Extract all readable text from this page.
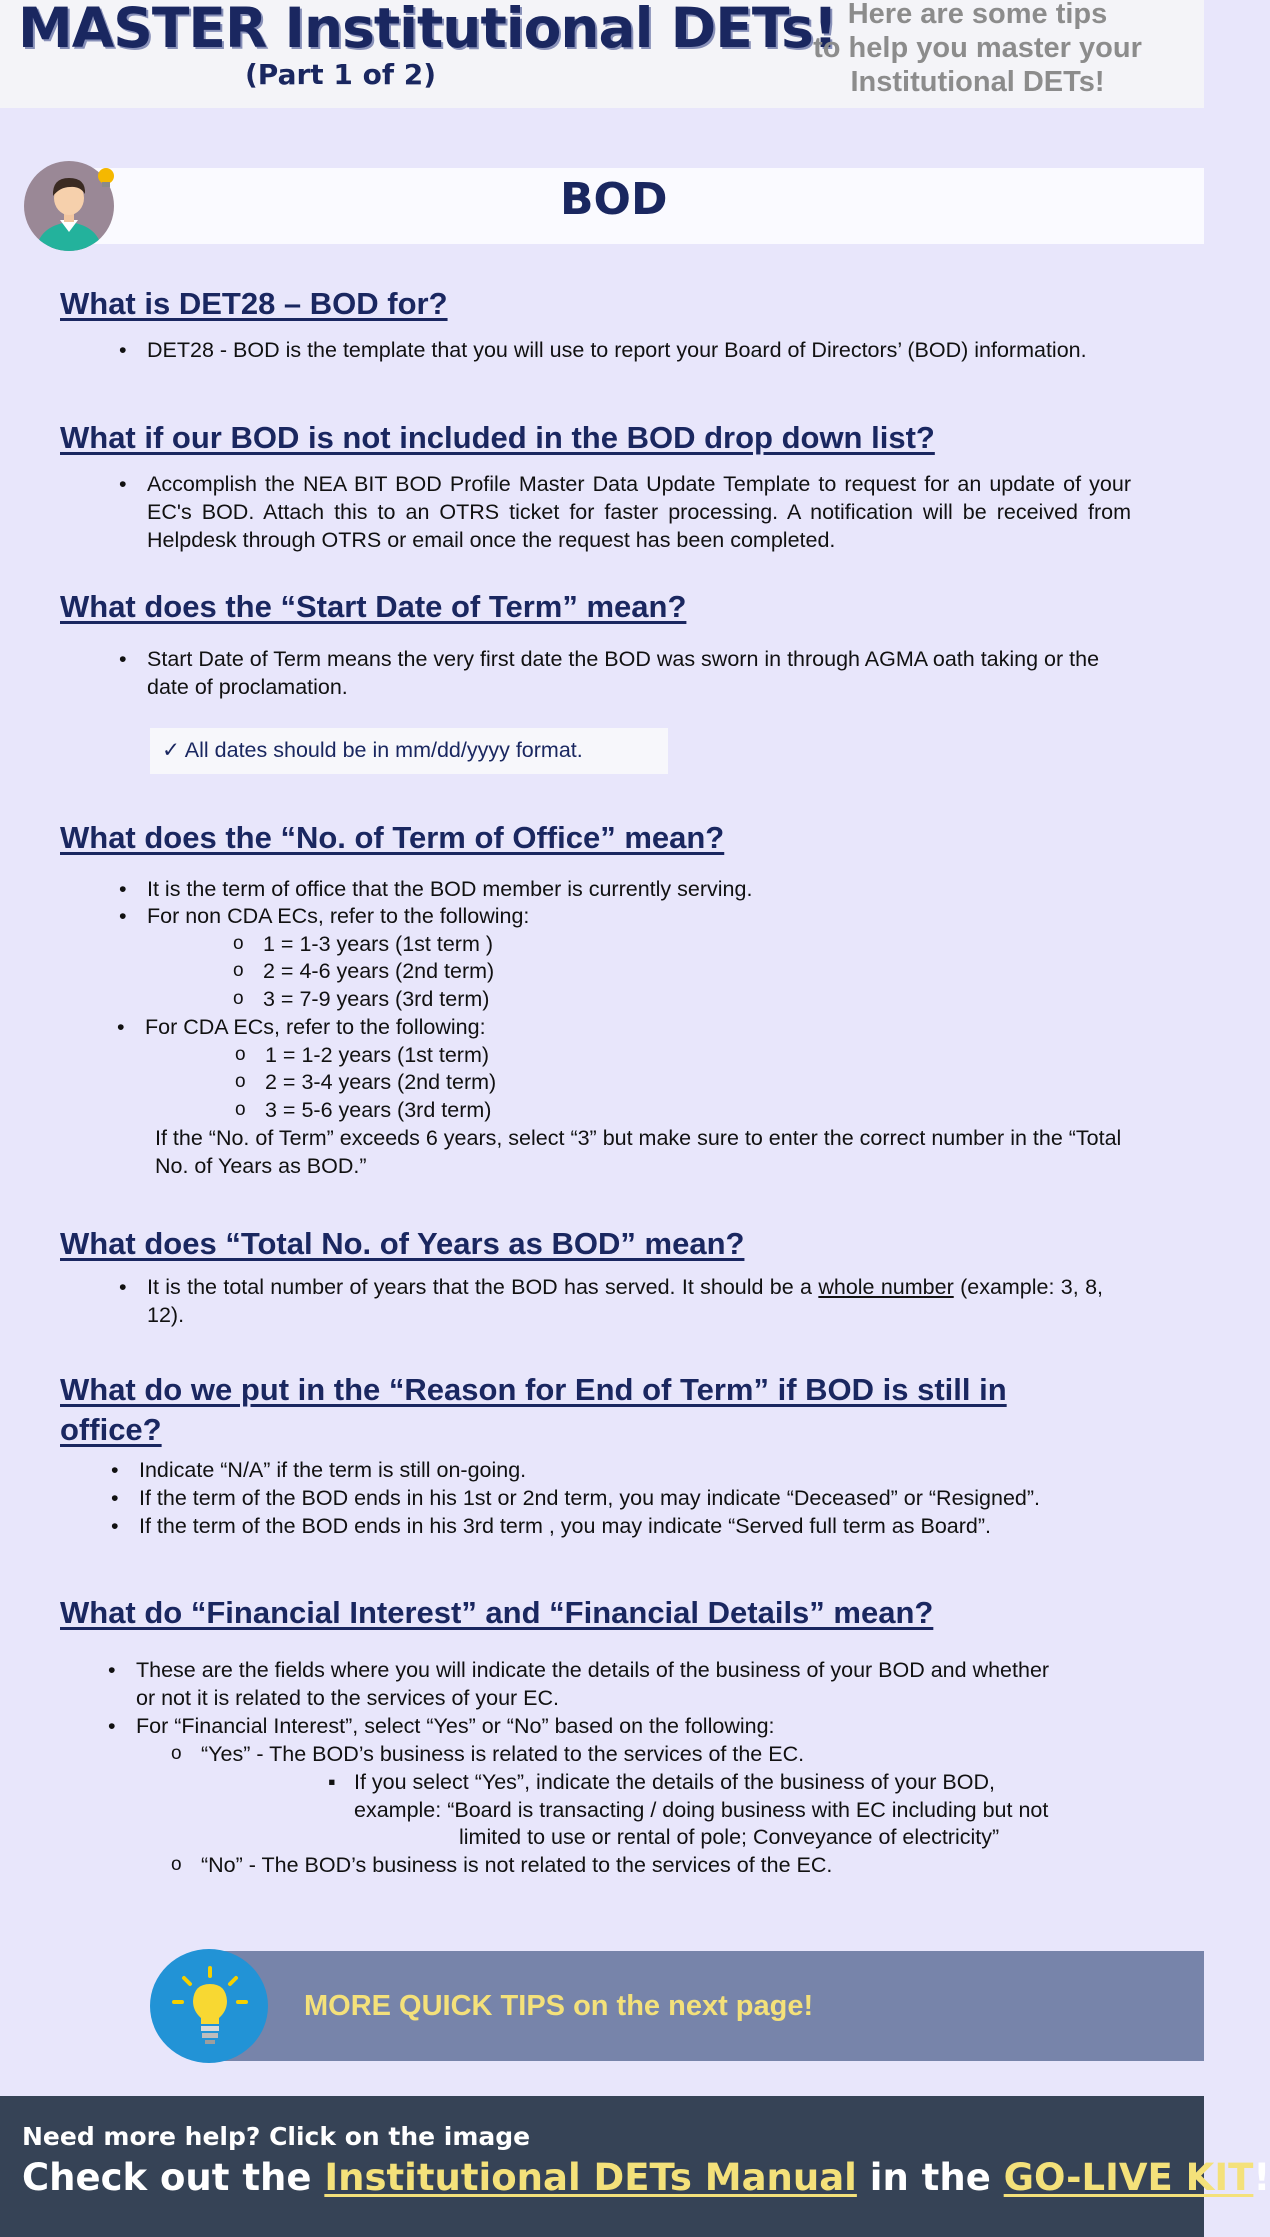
MASTER Institutional DETs!
(Part 1 of 2)
Here are some tips
to help you master your
Institutional DETs!
BOD
What is DET28 – BOD for?
• DET28 - BOD is the template that you will use to report your Board of Directors’ (BOD) information.
What if our BOD is not included in the BOD drop down list?
• Accomplish the NEA BIT BOD Profile Master Data Update Template to request for an update of your EC's BOD. Attach this to an OTRS ticket for faster processing. A notification will be received from Helpdesk through OTRS or email once the request has been completed.
What does the “Start Date of Term” mean?
• Start Date of Term means the very first date the BOD was sworn in through AGMA oath taking or the date of proclamation.
✓ All dates should be in mm/dd/yyyy format.
What does the “No. of Term of Office” mean?
• It is the term of office that the BOD member is currently serving.
• For non CDA ECs, refer to the following:
o 1 = 1-3 years (1st term )
o 2 = 4-6 years (2nd term)
o 3 = 7-9 years (3rd term)
• For CDA ECs, refer to the following:
o 1 = 1-2 years (1st term)
o 2 = 3-4 years (2nd term)
o 3 = 5-6 years (3rd term)
If the “No. of Term” exceeds 6 years, select “3” but make sure to enter the correct number in the “Total No. of Years as BOD.”
What does “Total No. of Years as BOD” mean?
• It is the total number of years that the BOD has served. It should be a whole number (example: 3, 8, 12).
What do we put in the “Reason for End of Term” if BOD is still in office?
• Indicate “N/A” if the term is still on-going.
• If the term of the BOD ends in his 1st or 2nd term, you may indicate “Deceased” or “Resigned”.
• If the term of the BOD ends in his 3rd term , you may indicate “Served full term as Board”.
What do “Financial Interest” and “Financial Details” mean?
• These are the fields where you will indicate the details of the business of your BOD and whether or not it is related to the services of your EC.
• For “Financial Interest”, select “Yes” or “No” based on the following:
o “Yes” - The BOD’s business is related to the services of the EC.
▪ If you select “Yes”, indicate the details of the business of your BOD,
example: “Board is transacting / doing business with EC including but not
limited to use or rental of pole; Conveyance of electricity”
o “No” - The BOD’s business is not related to the services of the EC.
MORE QUICK TIPS on the next page!
Need more help? Click on the image
Check out the Institutional DETs Manual in the GO-LIVE KIT!
